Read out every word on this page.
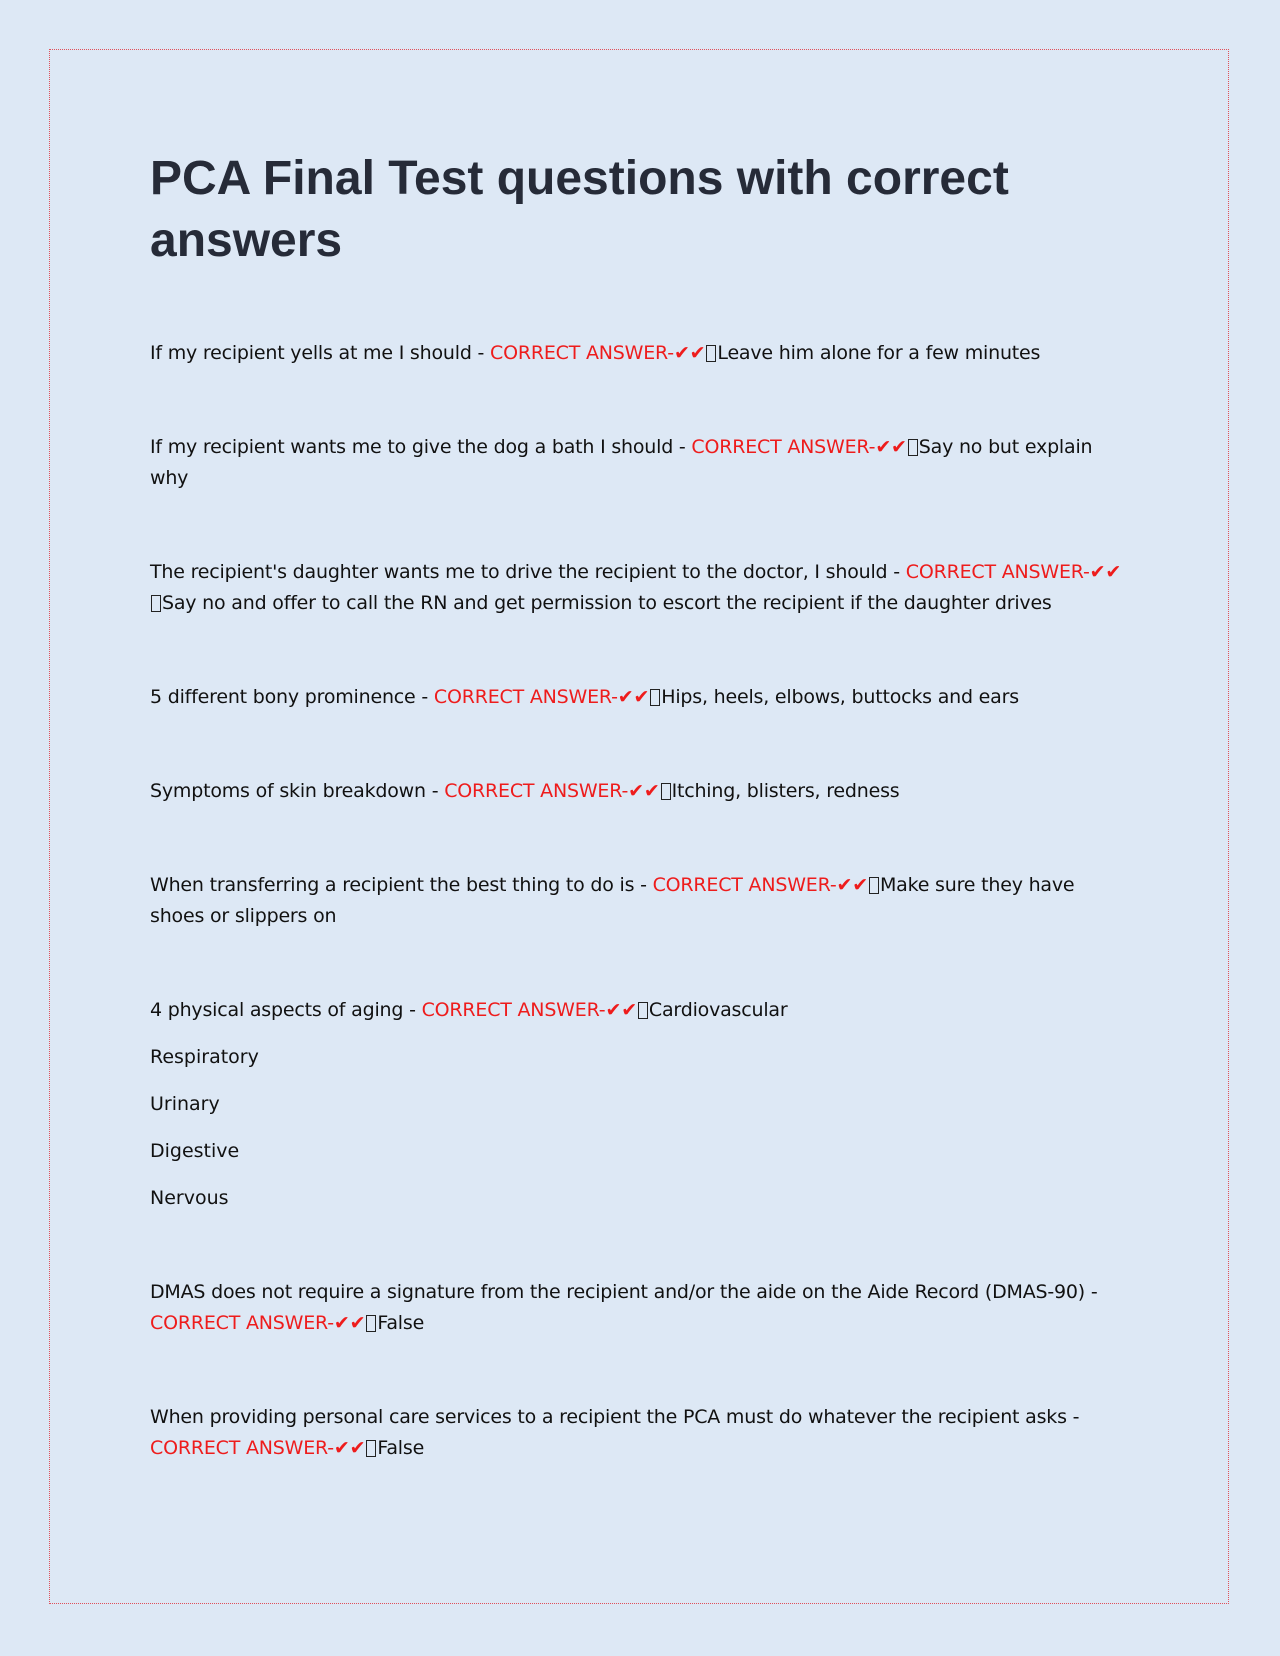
PCA Final Test questions with correct answers

If my recipient yells at me I should - CORRECT ANSWER-✔✔ Leave him alone for a few minutes

If my recipient wants me to give the dog a bath I should - CORRECT ANSWER-✔✔ Say no but explain why

The recipient's daughter wants me to drive the recipient to the doctor, I should - CORRECT ANSWER-✔✔Say no and offer to call the RN and get permission to escort the recipient if the daughter drives

5 different bony prominence - CORRECT ANSWER-✔✔ Hips, heels, elbows, buttocks and ears

Symptoms of skin breakdown - CORRECT ANSWER-✔✔ Itching, blisters, redness

When transferring a recipient the best thing to do is - CORRECT ANSWER-✔✔ Make sure they have shoes or slippers on

4 physical aspects of aging - CORRECT ANSWER-✔✔ Cardiovascular

Respiratory

Urinary

Digestive

Nervous

DMAS does not require a signature from the recipient and/or the aide on the Aide Record (DMAS-90) - CORRECT ANSWER-✔✔ False

When providing personal care services to a recipient the PCA must do whatever the recipient asks - CORRECT ANSWER-✔✔ False
